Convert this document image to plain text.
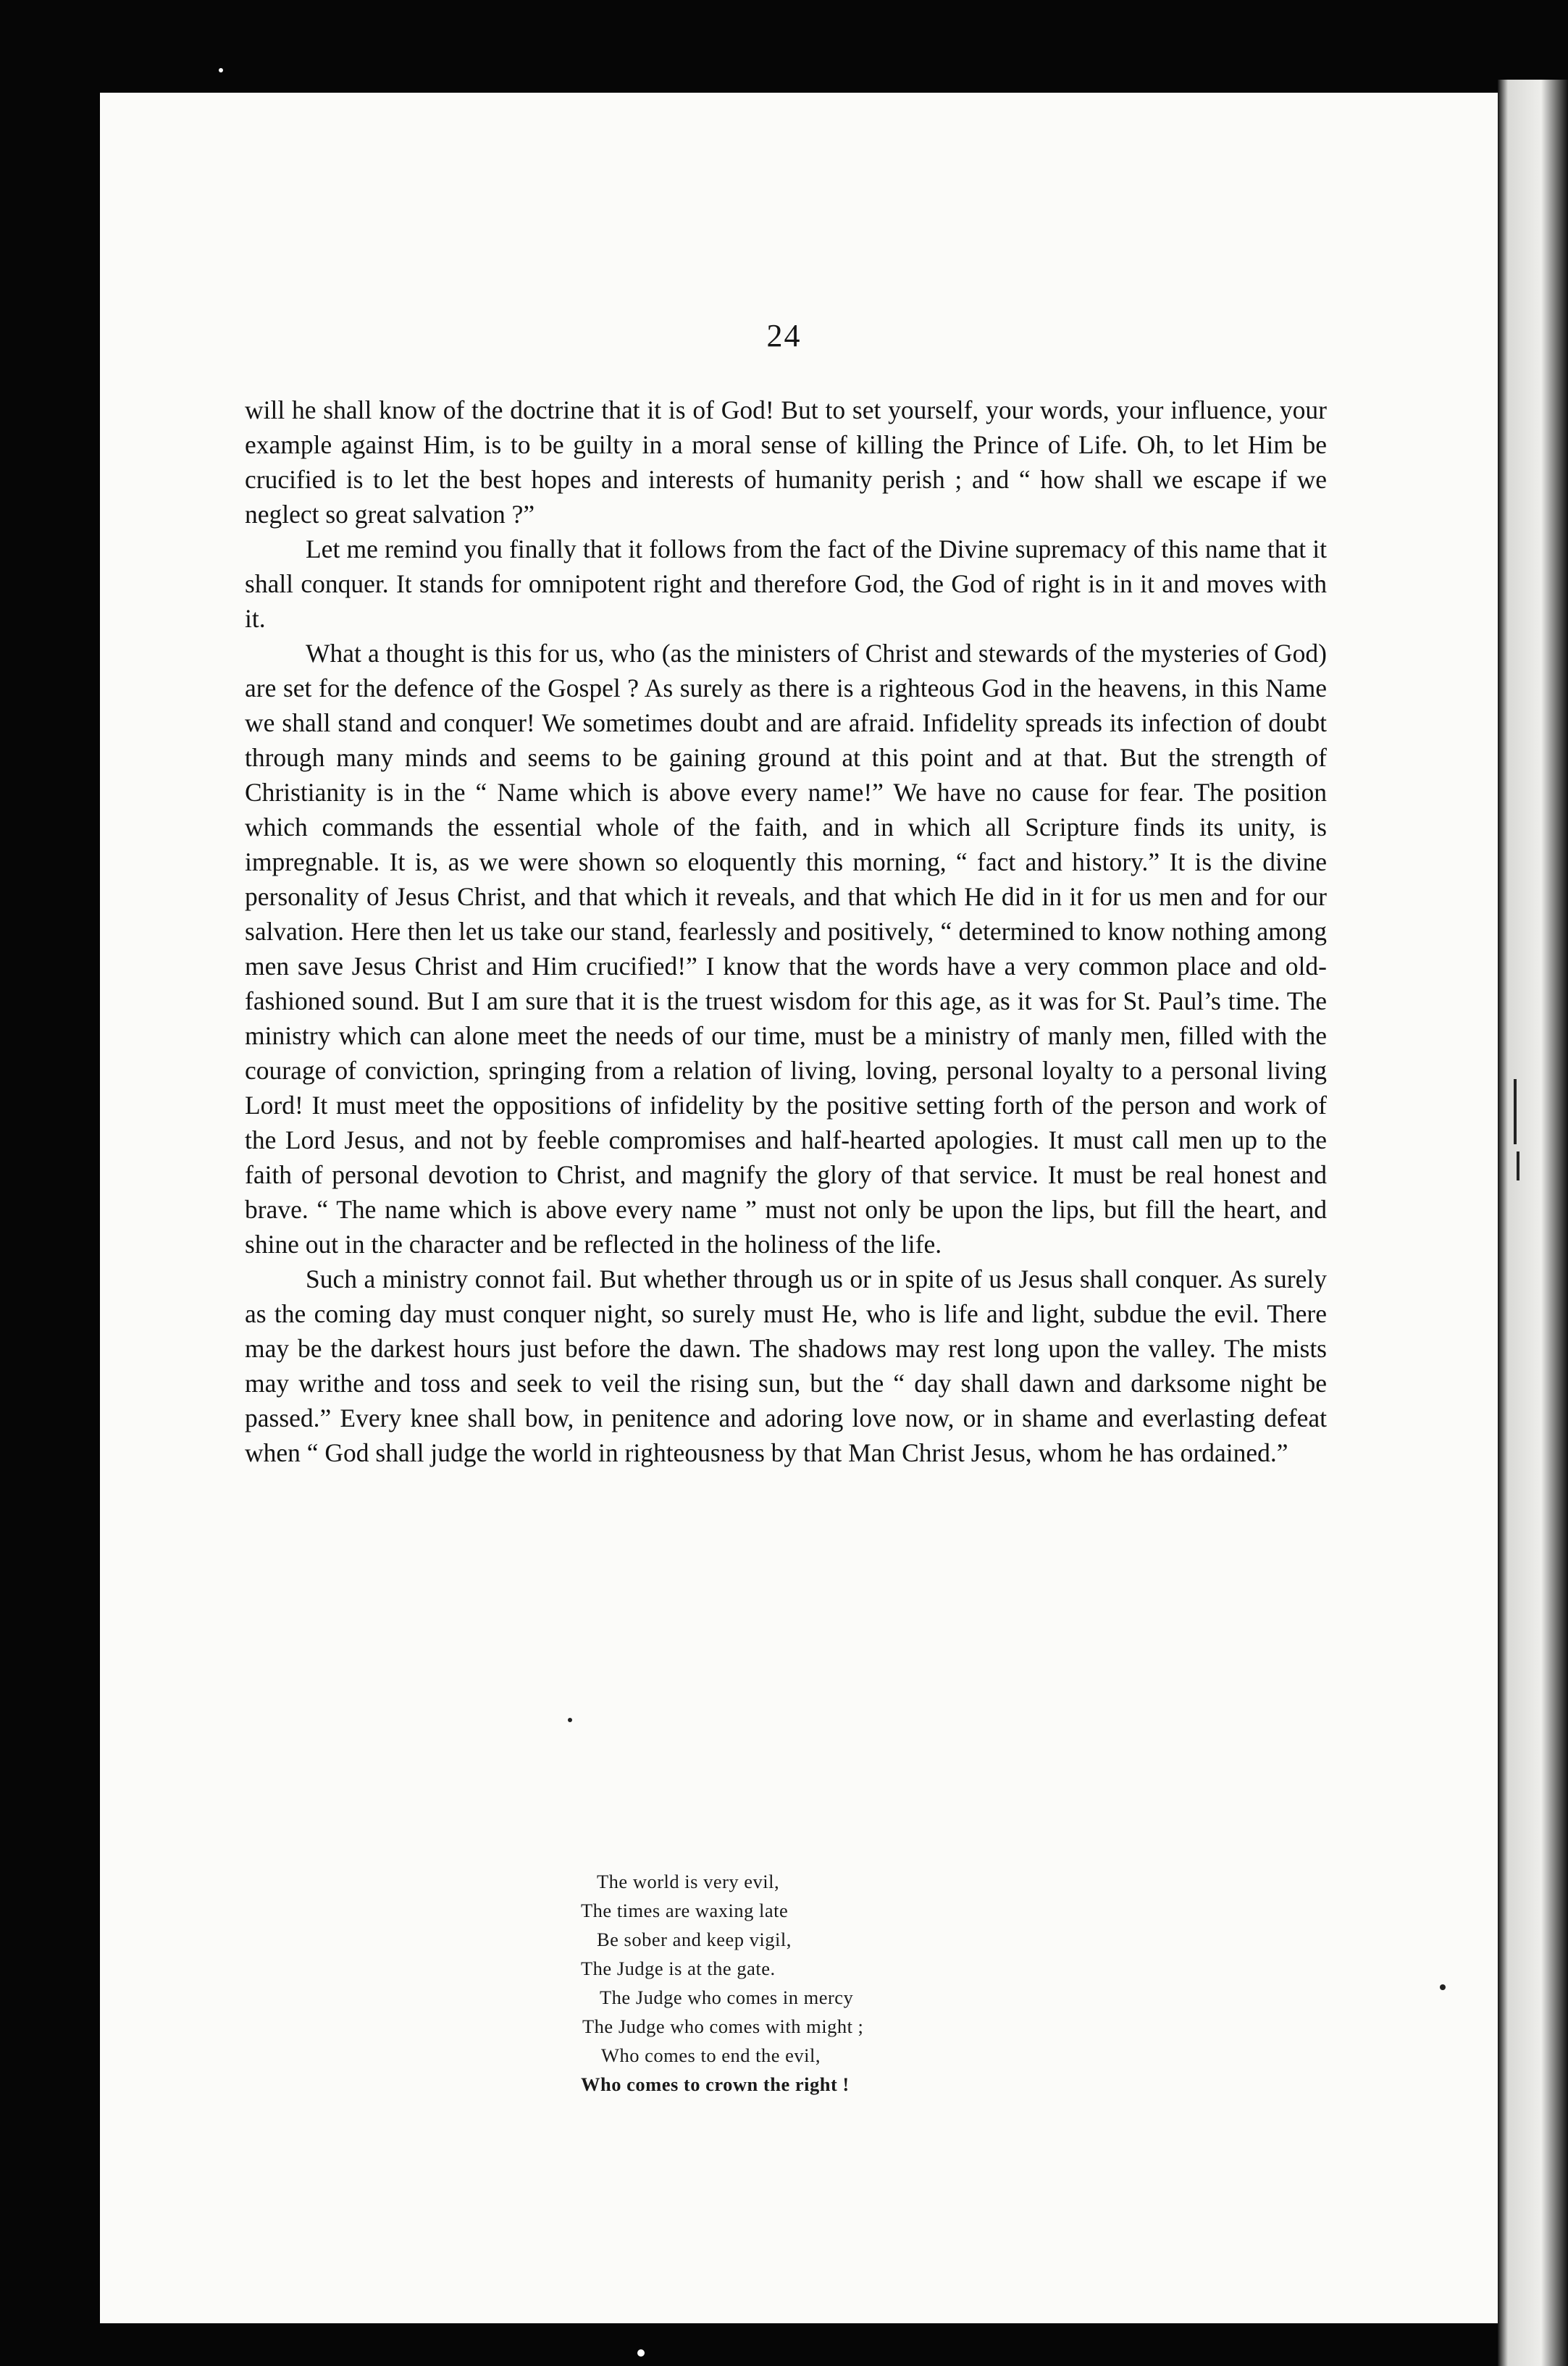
24

will he shall know of the doctrine that it is of God! But to set yourself, your words, your influence, your example against Him, is to be guilty in a moral sense of killing the Prince of Life. Oh, to let Him be crucified is to let the best hopes and interests of humanity perish ; and “ how shall we escape if we neglect so great salvation ?”

Let me remind you finally that it follows from the fact of the Divine supremacy of this name that it shall conquer. It stands for omnipotent right and therefore God, the God of right is in it and moves with it.

What a thought is this for us, who (as the ministers of Christ and stewards of the mysteries of God) are set for the defence of the Gospel ? As surely as there is a righteous God in the heavens, in this Name we shall stand and conquer! We sometimes doubt and are afraid. Infidelity spreads its infection of doubt through many minds and seems to be gaining ground at this point and at that. But the strength of Christianity is in the “ Name which is above every name!” We have no cause for fear. The position which commands the essential whole of the faith, and in which all Scripture finds its unity, is impregnable. It is, as we were shown so eloquently this morning, “ fact and history.” It is the divine personality of Jesus Christ, and that which it reveals, and that which He did in it for us men and for our salvation. Here then let us take our stand, fearlessly and positively, “ determined to know nothing among men save Jesus Christ and Him crucified!” I know that the words have a very common place and old-fashioned sound. But I am sure that it is the truest wisdom for this age, as it was for St. Paul’s time. The ministry which can alone meet the needs of our time, must be a ministry of manly men, filled with the courage of conviction, springing from a relation of living, loving, personal loyalty to a personal living Lord! It must meet the oppositions of infidelity by the positive setting forth of the person and work of the Lord Jesus, and not by feeble compromises and half-hearted apologies. It must call men up to the faith of personal devotion to Christ, and magnify the glory of that service. It must be real honest and brave. “ The name which is above every name ” must not only be upon the lips, but fill the heart, and shine out in the character and be reflected in the holiness of the life.

Such a ministry connot fail. But whether through us or in spite of us Jesus shall conquer. As surely as the coming day must conquer night, so surely must He, who is life and light, subdue the evil. There may be the darkest hours just before the dawn. The shadows may rest long upon the valley. The mists may writhe and toss and seek to veil the rising sun, but the “ day shall dawn and darksome night be passed.” Every knee shall bow, in penitence and adoring love now, or in shame and everlasting defeat when “ God shall judge the world in righteousness by that Man Christ Jesus, whom he has ordained.”

The world is very evil,
The times are waxing late
Be sober and keep vigil,
The Judge is at the gate.
The Judge who comes in mercy
The Judge who comes with might ;
Who comes to end the evil,
Who comes to crown the right !
